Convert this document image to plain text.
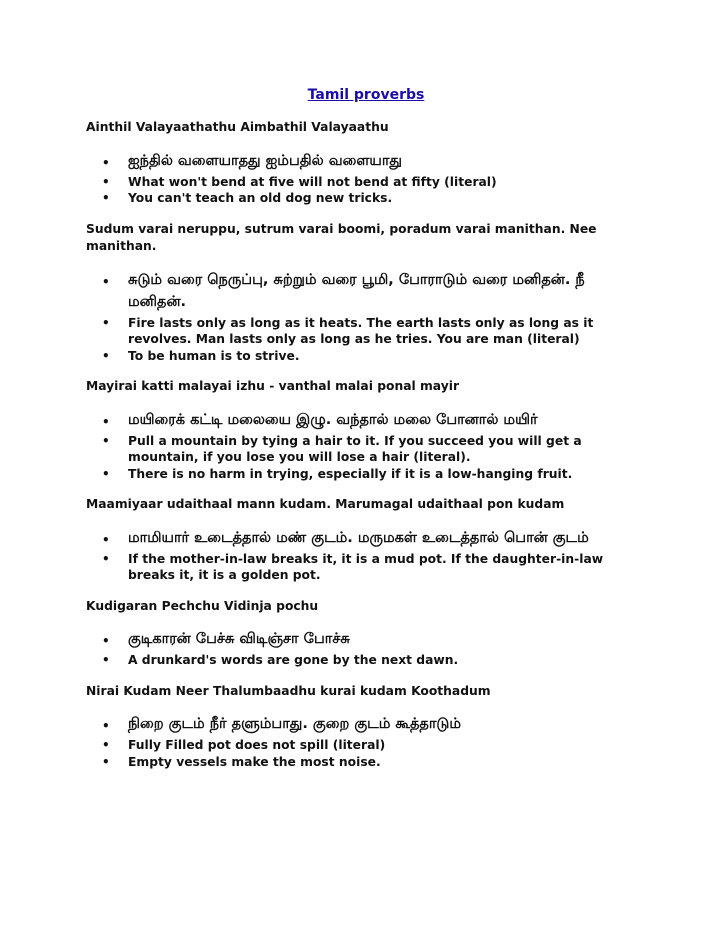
Tamil proverbs

Ainthil Valayaathathu Aimbathil Valayaathu

• ஐந்தில் வளையாதது ஐம்பதில் வளையாது
• What won't bend at five will not bend at fifty (literal)
• You can't teach an old dog new tricks.

Sudum varai neruppu, sutrum varai boomi, poradum varai manithan. Nee manithan.

• சுடும் வரை நெருப்பு, சுற்றும் வரை பூமி, போராடும் வரை மனிதன். நீ மனிதன்.
• Fire lasts only as long as it heats. The earth lasts only as long as it revolves. Man lasts only as long as he tries. You are man (literal)
• To be human is to strive.

Mayirai katti malayai izhu - vanthal malai ponal mayir

• மயிரைக் கட்டி மலையை இழு. வந்தால் மலை போனால் மயிர்
• Pull a mountain by tying a hair to it. If you succeed you will get a mountain, if you lose you will lose a hair (literal).
• There is no harm in trying, especially if it is a low-hanging fruit.

Maamiyaar udaithaal mann kudam. Marumagal udaithaal pon kudam

• மாமியார் உடைத்தால் மண் குடம். மருமகள் உடைத்தால் பொன் குடம்
• If the mother-in-law breaks it, it is a mud pot. If the daughter-in-law breaks it, it is a golden pot.

Kudigaran Pechchu Vidinja pochu

• குடிகாரன் பேச்சு விடிஞ்சா போச்சு
• A drunkard's words are gone by the next dawn.

Nirai Kudam Neer Thalumbaadhu kurai kudam Koothadum

• நிறை குடம் நீர் தளும்பாது. குறை குடம் கூத்தாடும்
• Fully Filled pot does not spill (literal)
• Empty vessels make the most noise.
